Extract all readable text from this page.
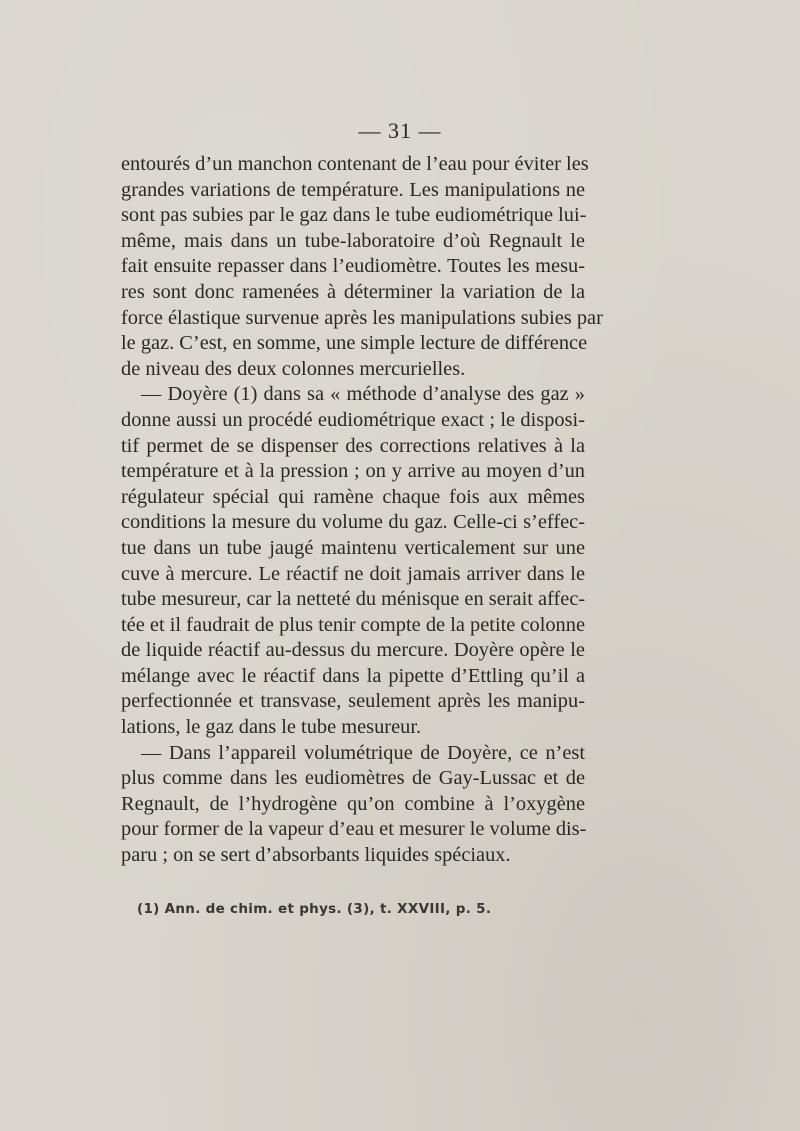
— 31 —
entourés d’un manchon contenant de l’eau pour éviter les
grandes variations de température. Les manipulations ne
sont pas subies par le gaz dans le tube eudiométrique lui-
même, mais dans un tube-laboratoire d’où Regnault le
fait ensuite repasser dans l’eudiomètre. Toutes les mesu-
res sont donc ramenées à déterminer la variation de la
force élastique survenue après les manipulations subies par
le gaz. C’est, en somme, une simple lecture de différence
de niveau des deux colonnes mercurielles.
— Doyère (1) dans sa « méthode d’analyse des gaz »
donne aussi un procédé eudiométrique exact ; le disposi-
tif permet de se dispenser des corrections relatives à la
température et à la pression ; on y arrive au moyen d’un
régulateur spécial qui ramène chaque fois aux mêmes
conditions la mesure du volume du gaz. Celle-ci s’effec-
tue dans un tube jaugé maintenu verticalement sur une
cuve à mercure. Le réactif ne doit jamais arriver dans le
tube mesureur, car la netteté du ménisque en serait affec-
tée et il faudrait de plus tenir compte de la petite colonne
de liquide réactif au-dessus du mercure. Doyère opère le
mélange avec le réactif dans la pipette d’Ettling qu’il a
perfectionnée et transvase, seulement après les manipu-
lations, le gaz dans le tube mesureur.
— Dans l’appareil volumétrique de Doyère, ce n’est
plus comme dans les eudiomètres de Gay-Lussac et de
Regnault, de l’hydrogène qu’on combine à l’oxygène
pour former de la vapeur d’eau et mesurer le volume dis-
paru ; on se sert d’absorbants liquides spéciaux.
(1) Ann. de chim. et phys. (3), t. XXVIII, p. 5.
